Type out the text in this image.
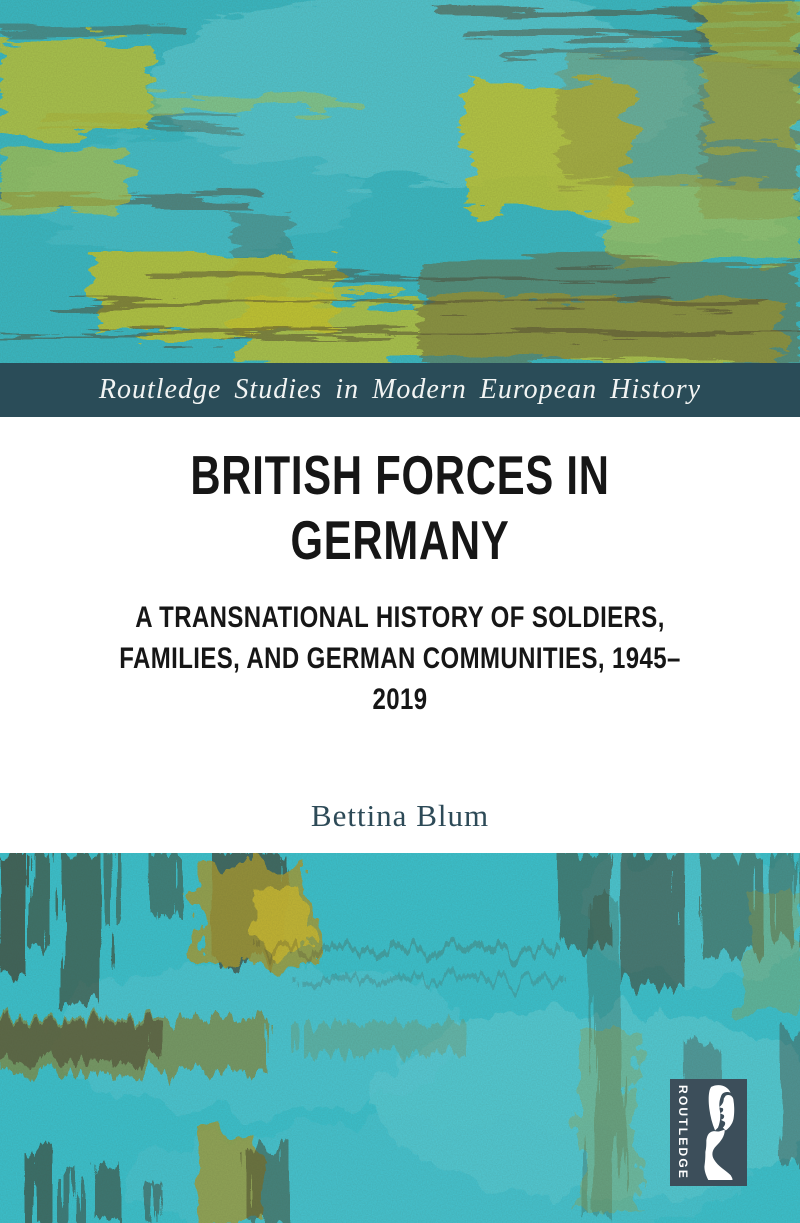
Routledge Studies in Modern European History
BRITISH FORCES IN
GERMANY
A TRANSNATIONAL HISTORY OF SOLDIERS,
FAMILIES, AND GERMAN COMMUNITIES, 1945–
2019
Bettina Blum
ROUTLEDGE
